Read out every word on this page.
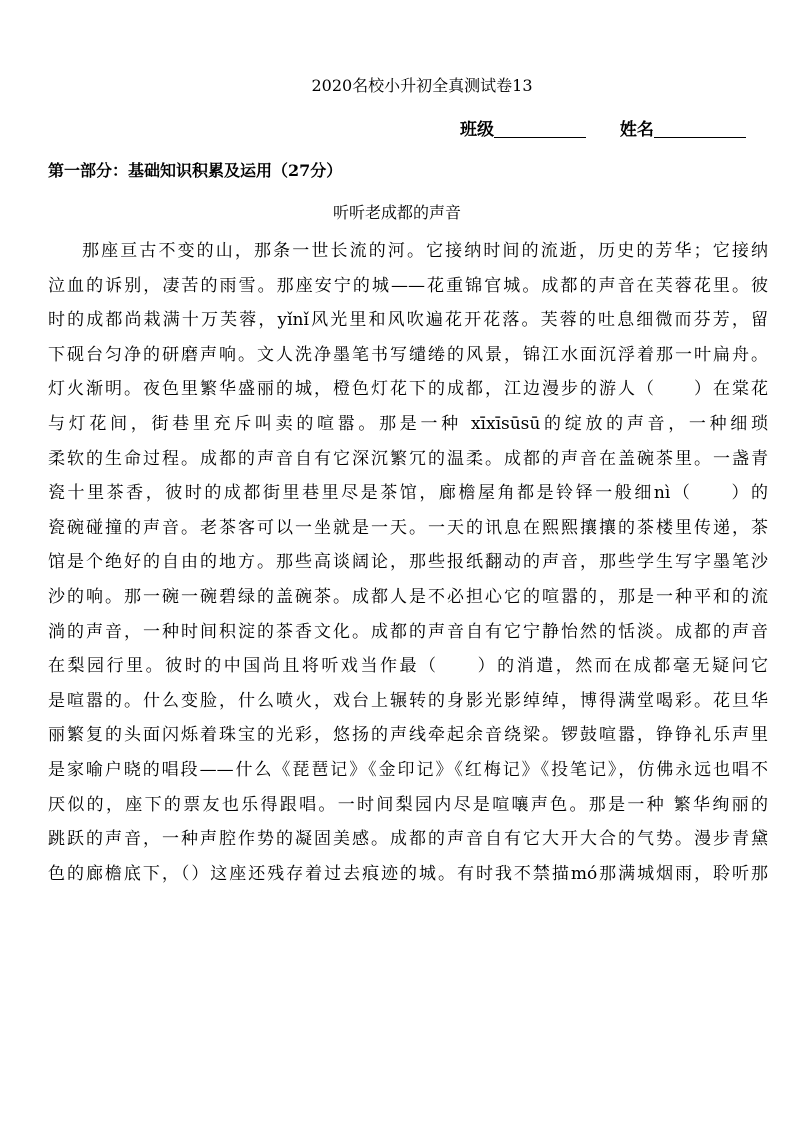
2020名校小升初全真测试卷13
班级	姓名
第一部分：基础知识积累及运用（27分）
听听老成都的声音
那座亘古不变的山，那条一世长流的河。它接纳时间的流逝，历史的芳华；它接纳
泣血的诉别，凄苦的雨雪。那座安宁的城——花重锦官城。成都的声音在芙蓉花里。彼
时的成都尚栽满十万芙蓉，yǐnǐ风光里和风吹遍花开花落。芙蓉的吐息细微而芬芳，留
下砚台匀净的研磨声响。文人洗净墨笔书写缱绻的风景，锦江水面沉浮着那一叶扁舟。
灯火渐明。夜色里繁华盛丽的城，橙色灯花下的成都，江边漫步的游人（　　）在棠花
与灯花间，街巷里充斥叫卖的喧嚣。那是一种 xīxīsūsū的绽放的声音，一种细琐
柔软的生命过程。成都的声音自有它深沉繁冗的温柔。成都的声音在盖碗茶里。一盏青
瓷十里茶香，彼时的成都街里巷里尽是茶馆，廊檐屋角都是铃铎一般细nì（　　）的
瓷碗碰撞的声音。老茶客可以一坐就是一天。一天的讯息在熙熙攘攘的茶楼里传递，茶
馆是个绝好的自由的地方。那些高谈阔论，那些报纸翻动的声音，那些学生写字墨笔沙
沙的响。那一碗一碗碧绿的盖碗茶。成都人是不必担心它的喧嚣的，那是一种平和的流
淌的声音，一种时间积淀的茶香文化。成都的声音自有它宁静怡然的恬淡。成都的声音
在梨园行里。彼时的中国尚且将听戏当作最（　　）的消遣，然而在成都毫无疑问它
是喧嚣的。什么变脸，什么喷火，戏台上辗转的身影光影绰绰，博得满堂喝彩。花旦华
丽繁复的头面闪烁着珠宝的光彩，悠扬的声线牵起余音绕梁。锣鼓喧嚣，铮铮礼乐声里
是家喻户晓的唱段——什么《琵琶记》《金印记》《红梅记》《投笔记》，仿佛永远也唱不
厌似的，座下的票友也乐得跟唱。一时间梨园内尽是喧嚷声色。那是一种 繁华绚丽的
跳跃的声音，一种声腔作势的凝固美感。成都的声音自有它大开大合的气势。漫步青黛
色的廊檐底下，（）这座还残存着过去痕迹的城。有时我不禁描mó那满城烟雨，聆听那
